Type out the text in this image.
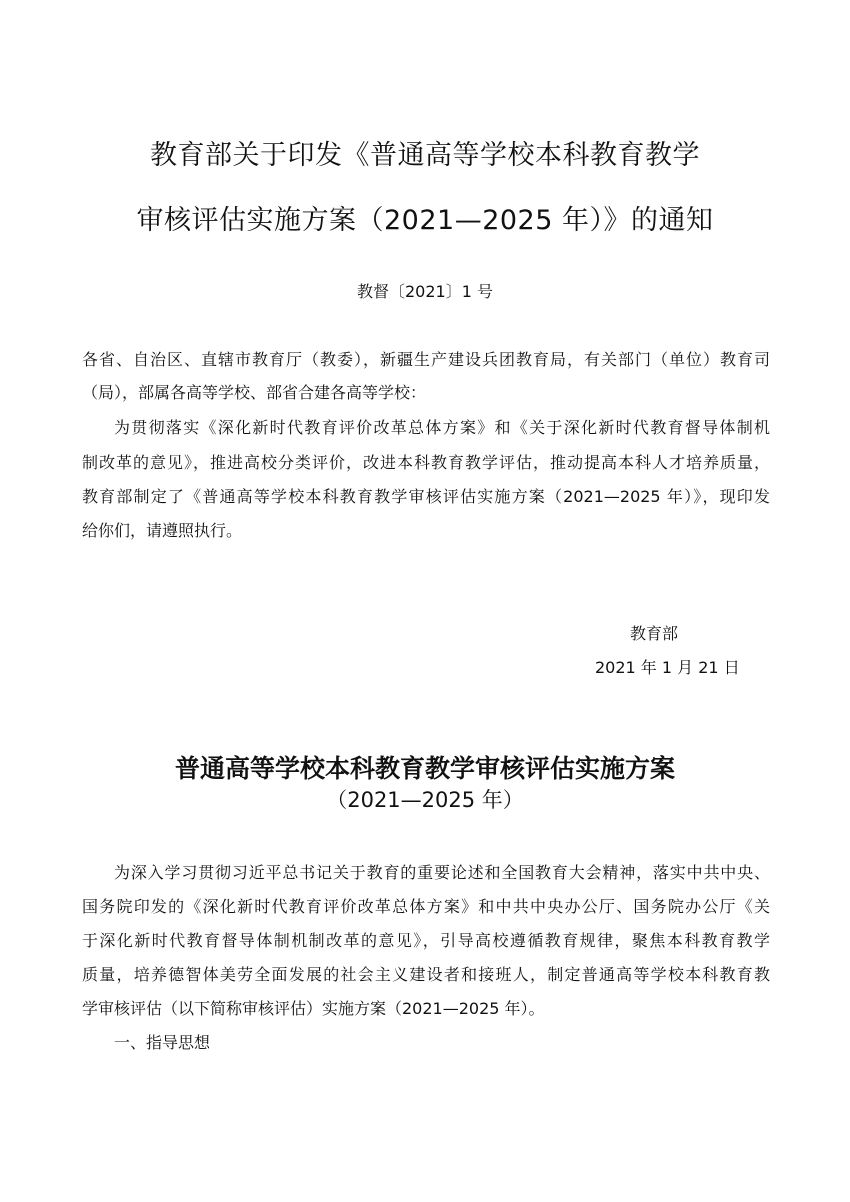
教育部关于印发《普通高等学校本科教育教学
审核评估实施方案（2021—2025 年）》的通知
教督〔2021〕1 号
各省、自治区、直辖市教育厅（教委），新疆生产建设兵团教育局，有关部门（单位）教育司
（局），部属各高等学校、部省合建各高等学校：
为贯彻落实《深化新时代教育评价改革总体方案》和《关于深化新时代教育督导体制机
制改革的意见》，推进高校分类评价，改进本科教育教学评估，推动提高本科人才培养质量，
教育部制定了《普通高等学校本科教育教学审核评估实施方案（2021—2025 年）》，现印发
给你们，请遵照执行。
教育部
2021 年 1 月 21 日
普通高等学校本科教育教学审核评估实施方案
（2021—2025 年）
为深入学习贯彻习近平总书记关于教育的重要论述和全国教育大会精神，落实中共中央、
国务院印发的《深化新时代教育评价改革总体方案》和中共中央办公厅、国务院办公厅《关
于深化新时代教育督导体制机制改革的意见》，引导高校遵循教育规律，聚焦本科教育教学
质量，培养德智体美劳全面发展的社会主义建设者和接班人，制定普通高等学校本科教育教
学审核评估（以下简称审核评估）实施方案（2021—2025 年）。
一、指导思想
